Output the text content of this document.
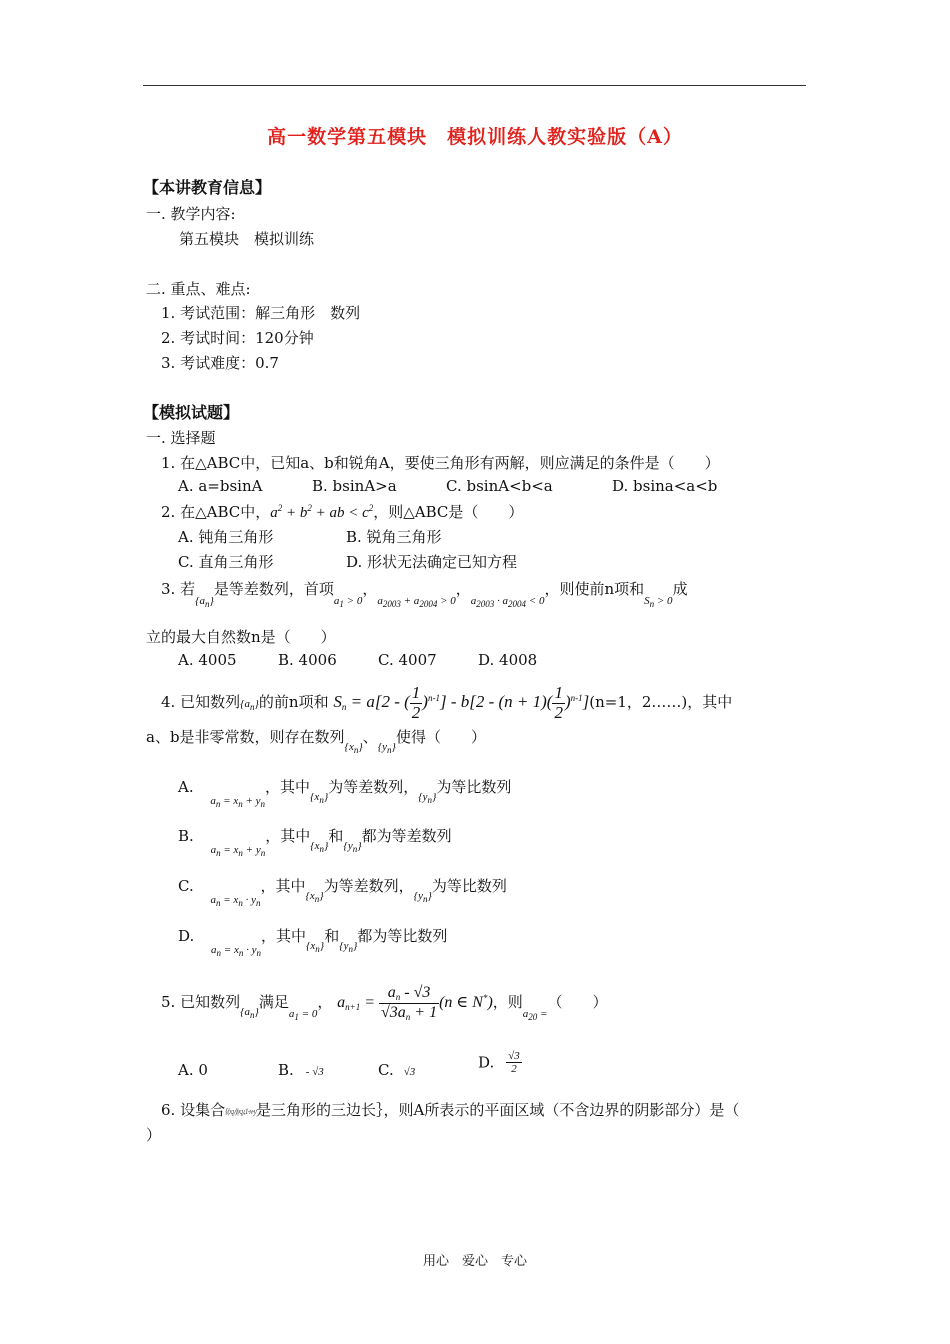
高一数学第五模块　模拟训练人教实验版（A）
【本讲教育信息】
一. 教学内容:
第五模块　模拟训练
二. 重点、难点:
1. 考试范围：解三角形　数列
2. 考试时间：120分钟
3. 考试难度：0.7
【模拟试题】
一. 选择题
1. 在△ABC中，已知a、b和锐角A，要使三角形有两解，则应满足的条件是（　　）
A. a=bsinA	B. bsinA>a	C. bsinA<b<a	D. bsina<a<b
2. 在△ABC中，$a^2 + b^2$ + ab < $c^2$，则△ABC是（　　）
A. 钝角三角形	B. 锐角三角形
C. 直角三角形	D. 形状无法确定已知方程
3. 若$_{\{a_n\}}$是等差数列，首项$_{a_1 > 0}$，$_{a_{2003} + a_{2004} > 0}$，$_{a_{2003} \cdot a_{2004} < 0}$，则使前n项和$_{S_n > 0}$成
立的最大自然数n是（　　）
A. 4005	B. 4006	C. 4007	D. 4008
4. 已知数列$\{a_n\}$的前n项和 $S_n = a[2$ - ( $\frac{1}{2} )^{n-1}] - b[2 - (n + 1)( \frac{1}{2} )^{n-1}](n=1$，2……)，其中
a、b是非零常数，则存在数列$_{\{x_n\}}$、$_{\{y_n\}}$使得（　　）
A. $_{a_n = x_n + y_n}$，其中$_{\{x_n\}}$为等差数列，$_{\{y_n\}}$为等比数列
B. $_{a_n = x_n + y_n}$，其中$_{\{x_n\}}$和$_{\{y_n\}}$都为等差数列
C. $_{a_n = x_n \cdot y_n}$，其中$_{\{x_n\}}$为等差数列，$_{\{y_n\}}$为等比数列
D. $_{a_n = x_n \cdot y_n}$，其中$_{\{x_n\}}$和$_{\{y_n\}}$都为等比数列
5. 已知数列$_{\{a_n\}}$满足$_{a_1 = 0}$， $a_{n+1} = \frac{a_n - √3}{√3a_n + 1} (n$ ∈ N*)，则$_{a_{20} =}$（　　）
A. 0	B. - √3	C. √3
D. $\frac{√3}{2}$
6. 设集合{(x,y)|x,y,1-x-y是三角形的三边长｝，则A所表示的平面区域（不含边界的阴影部分）是（
）
用心　爱心　专心
